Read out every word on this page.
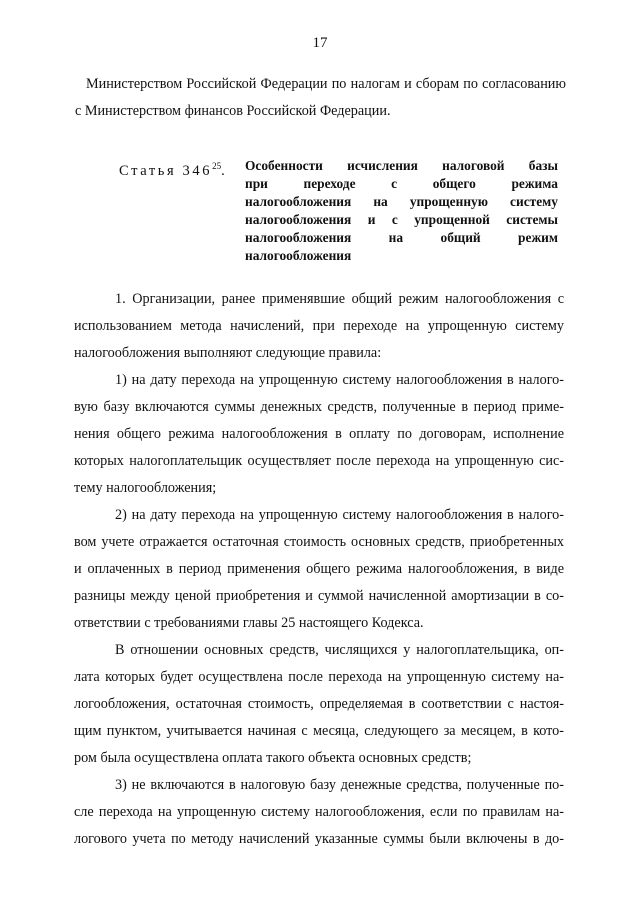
17
Министерством Российской Федерации по налогам и сборам по согласованию
с Министерством финансов Российской Федерации.
Статья $346^{25}$. Особенности исчисления налоговой базы
при переходе с общего режима
налогообложения на упрощенную систему
налогообложения и с упрощенной системы
налогообложения на общий режим
налогообложения
1. Организации, ранее применявшие общий режим налогообложения с
использованием метода начислений, при переходе на упрощенную систему
налогообложения выполняют следующие правила:
1) на дату перехода на упрощенную систему налогообложения в налого-
вую базу включаются суммы денежных средств, полученные в период приме-
нения общего режима налогообложения в оплату по договорам, исполнение
которых налогоплательщик осуществляет после перехода на упрощенную сис-
тему налогообложения;
2) на дату перехода на упрощенную систему налогообложения в налого-
вом учете отражается остаточная стоимость основных средств, приобретенных
и оплаченных в период применения общего режима налогообложения, в виде
разницы между ценой приобретения и суммой начисленной амортизации в со-
ответствии с требованиями главы 25 настоящего Кодекса.
В отношении основных средств, числящихся у налогоплательщика, оп-
лата которых будет осуществлена после перехода на упрощенную систему на-
логообложения, остаточная стоимость, определяемая в соответствии с настоя-
щим пунктом, учитывается начиная с месяца, следующего за месяцем, в кото-
ром была осуществлена оплата такого объекта основных средств;
3) не включаются в налоговую базу денежные средства, полученные по-
сле перехода на упрощенную систему налогообложения, если по правилам на-
логового учета по методу начислений указанные суммы были включены в до-
